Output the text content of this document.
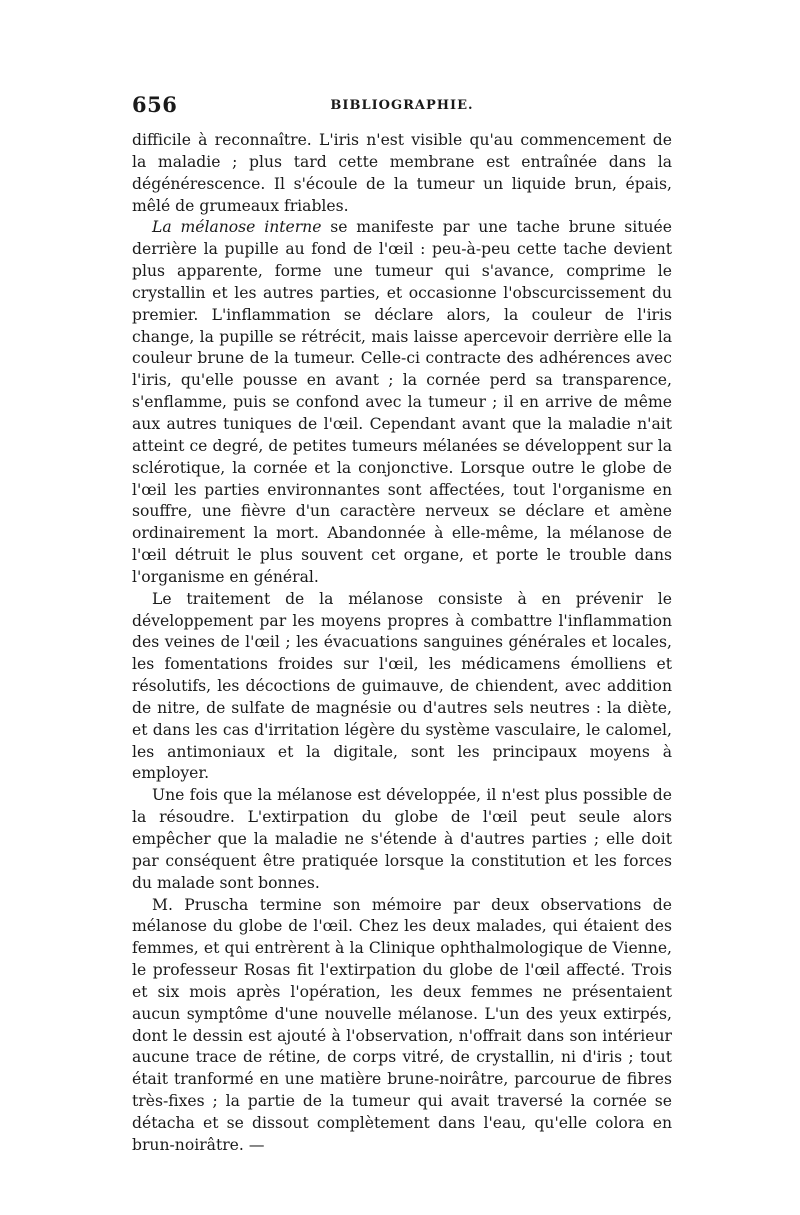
656	BIBLIOGRAPHIE.

difficile à reconnaître. L'iris n'est visible qu'au commencement de la maladie ; plus tard cette membrane est entraînée dans la dégénérescence. Il s'écoule de la tumeur un liquide brun, épais, mêlé de grumeaux friables.

La mélanose interne se manifeste par une tache brune située derrière la pupille au fond de l'œil : peu-à-peu cette tache devient plus apparente, forme une tumeur qui s'avance, comprime le crystallin et les autres parties, et occasionne l'obscurcissement du premier. L'inflammation se déclare alors, la couleur de l'iris change, la pupille se rétrécit, mais laisse apercevoir derrière elle la couleur brune de la tumeur. Celle-ci contracte des adhérences avec l'iris, qu'elle pousse en avant ; la cornée perd sa transparence, s'enflamme, puis se confond avec la tumeur ; il en arrive de même aux autres tuniques de l'œil. Cependant avant que la maladie n'ait atteint ce degré, de petites tumeurs mélanées se développent sur la sclérotique, la cornée et la conjonctive. Lorsque outre le globe de l'œil les parties environnantes sont affectées, tout l'organisme en souffre, une fièvre d'un caractère nerveux se déclare et amène ordinairement la mort. Abandonnée à elle-même, la mélanose de l'œil détruit le plus souvent cet organe, et porte le trouble dans l'organisme en général.

Le traitement de la mélanose consiste à en prévenir le développement par les moyens propres à combattre l'inflammation des veines de l'œil ; les évacuations sanguines générales et locales, les fomentations froides sur l'œil, les médicamens émolliens et résolutifs, les décoctions de guimauve, de chiendent, avec addition de nitre, de sulfate de magnésie ou d'autres sels neutres : la diète, et dans les cas d'irritation légère du système vasculaire, le calomel, les antimoniaux et la digitale, sont les principaux moyens à employer.

Une fois que la mélanose est développée, il n'est plus possible de la résoudre. L'extirpation du globe de l'œil peut seule alors empêcher que la maladie ne s'étende à d'autres parties ; elle doit par conséquent être pratiquée lorsque la constitution et les forces du malade sont bonnes.

M. Pruscha termine son mémoire par deux observations de mélanose du globe de l'œil. Chez les deux malades, qui étaient des femmes, et qui entrèrent à la Clinique ophthalmologique de Vienne, le professeur Rosas fit l'extirpation du globe de l'œil affecté. Trois et six mois après l'opération, les deux femmes ne présentaient aucun symptôme d'une nouvelle mélanose. L'un des yeux extirpés, dont le dessin est ajouté à l'observation, n'offrait dans son intérieur aucune trace de rétine, de corps vitré, de crystallin, ni d'iris ; tout était tranformé en une matière brune-noirâtre, parcourue de fibres très-fixes ; la partie de la tumeur qui avait traversé la cornée se détacha et se dissout complètement dans l'eau, qu'elle colora en brun-noirâtre. —
